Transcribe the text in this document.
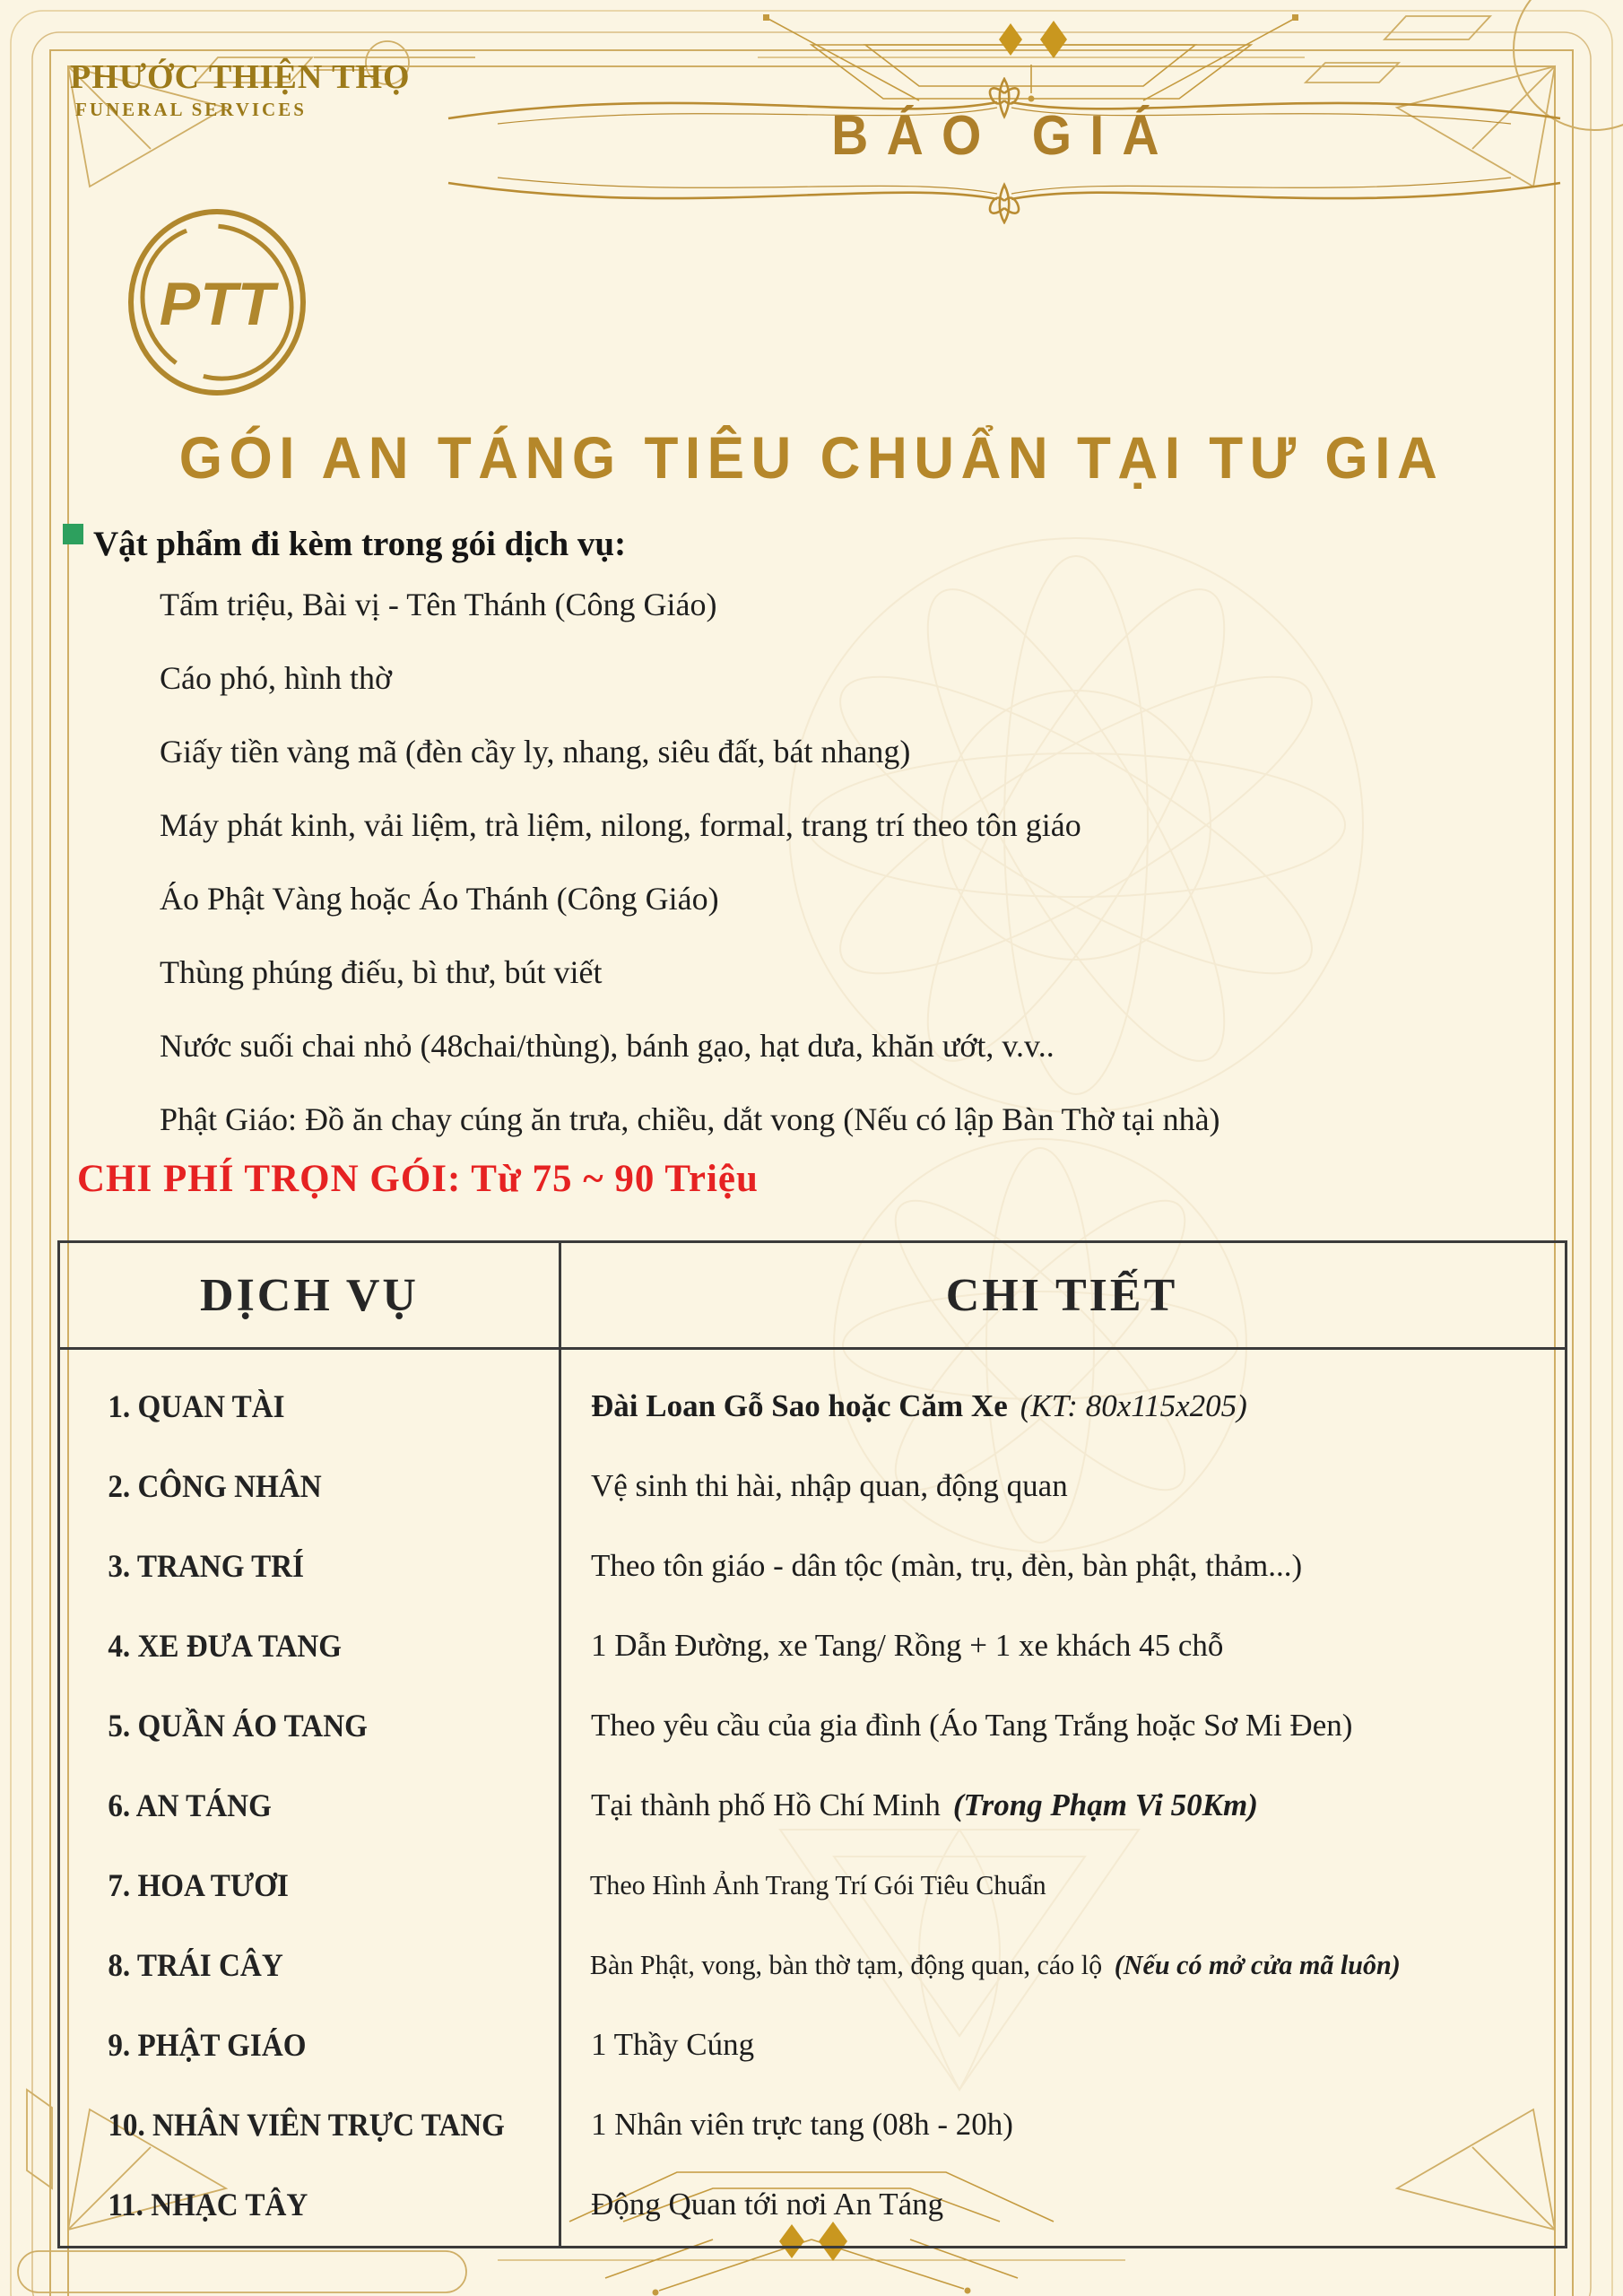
PHƯỚC THIỆN THỌ
FUNERAL SERVICES
PTT
BÁO GIÁ
GÓI AN TÁNG TIÊU CHUẨN TẠI TƯ GIA
Vật phẩm đi kèm trong gói dịch vụ:
Tấm triệu, Bài vị - Tên Thánh (Công Giáo)
Cáo phó, hình thờ
Giấy tiền vàng mã (đèn cầy ly, nhang, siêu đất, bát nhang)
Máy phát kinh, vải liệm, trà liệm, nilong, formal, trang trí theo tôn giáo
Áo Phật Vàng hoặc Áo Thánh (Công Giáo)
Thùng phúng điếu, bì thư, bút viết
Nước suối chai nhỏ (48chai/thùng), bánh gạo, hạt dưa, khăn ướt, v.v..
Phật Giáo: Đồ ăn chay cúng ăn trưa, chiều, dắt vong (Nếu có lập Bàn Thờ tại nhà)
CHI PHÍ TRỌN GÓI: Từ 75 ~ 90 Triệu
DỊCH VỤ	CHI TIẾT
1. QUAN TÀI	Đài Loan Gỗ Sao hoặc Căm Xe (KT: 80x115x205)
2. CÔNG NHÂN	Vệ sinh thi hài, nhập quan, động quan
3. TRANG TRÍ	Theo tôn giáo - dân tộc (màn, trụ, đèn, bàn phật, thảm...)
4. XE ĐƯA TANG	1 Dẫn Đường, xe Tang/ Rồng + 1 xe khách 45 chỗ
5. QUẦN ÁO TANG	Theo yêu cầu của gia đình (Áo Tang Trắng hoặc Sơ Mi Đen)
6. AN TÁNG	Tại thành phố Hồ Chí Minh (Trong Phạm Vi 50Km)
7. HOA TƯƠI	Theo Hình Ảnh Trang Trí Gói Tiêu Chuẩn
8. TRÁI CÂY	Bàn Phật, vong, bàn thờ tạm, động quan, cáo lộ (Nếu có mở cửa mã luôn)
9. PHẬT GIÁO	1 Thầy Cúng
10. NHÂN VIÊN TRỰC TANG	1 Nhân viên trực tang (08h - 20h)
11. NHẠC TÂY	Động Quan tới nơi An Táng
